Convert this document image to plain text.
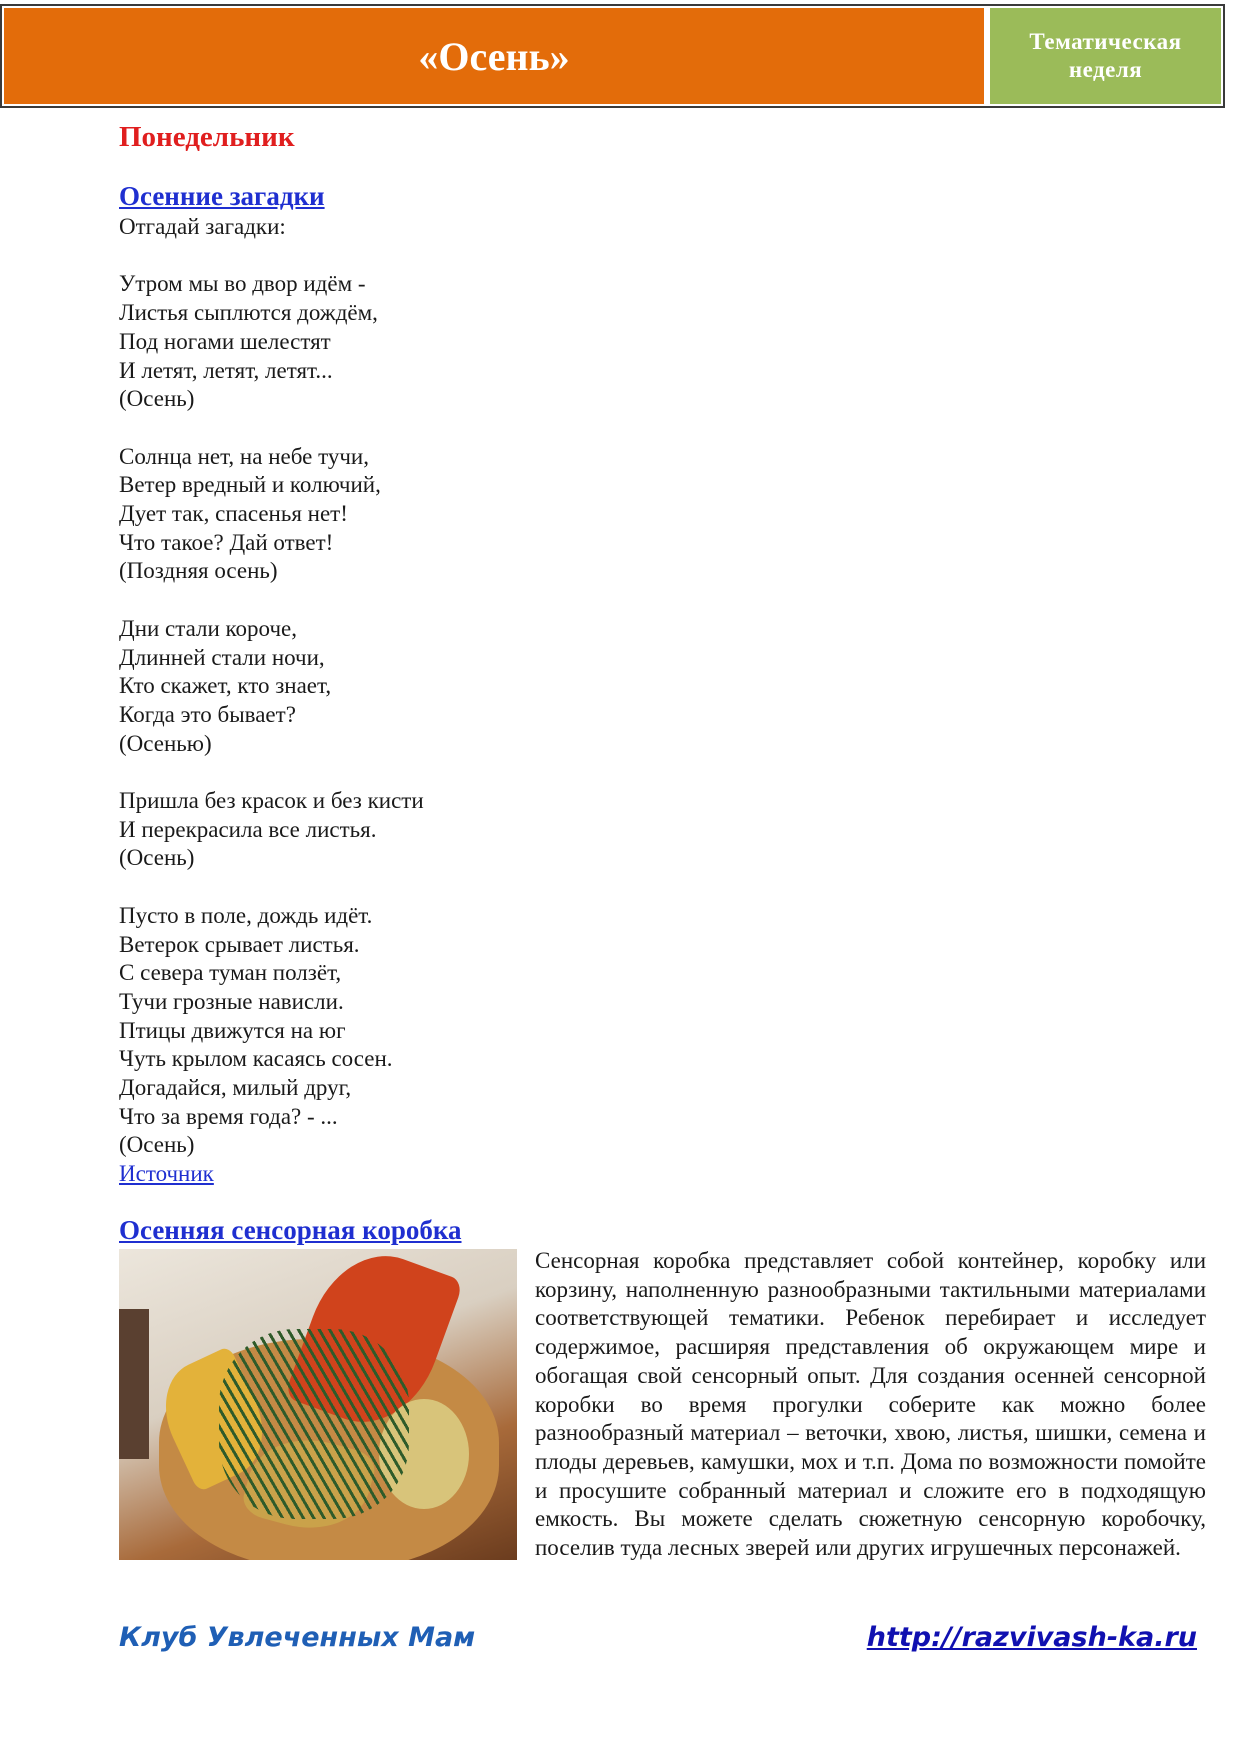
«Осень»	Тематическая
неделя
Понедельник
Осенние загадки
Отгадай загадки:
Утром мы во двор идём -
Листья сыплются дождём,
Под ногами шелестят
И летят, летят, летят...
(Осень)
Солнца нет, на небе тучи,
Ветер вредный и колючий,
Дует так, спасенья нет!
Что такое? Дай ответ!
(Поздняя осень)
Дни стали короче,
Длинней стали ночи,
Кто скажет, кто знает,
Когда это бывает?
(Осенью)
Пришла без красок и без кисти
И перекрасила все листья.
(Осень)
Пусто в поле, дождь идёт.
Ветерок срывает листья.
С севера туман ползёт,
Тучи грозные нависли.
Птицы движутся на юг
Чуть крылом касаясь сосен.
Догадайся, милый друг,
Что за время года? - ...
(Осень)
Источник
Осенняя сенсорная коробка

Сенсорная коробка представляет собой контейнер, коробку или корзину, наполненную разнообразными тактильными материалами соответствующей тематики. Ребенок перебирает и исследует содержимое, расширяя представления об окружающем мире и обогащая свой сенсорный опыт. Для создания осенней сенсорной коробки во время прогулки соберите как можно более разнообразный материал – веточки, хвою, листья, шишки, семена и плоды деревьев, камушки, мох и т.п. Дома по возможности помойте и просушите собранный материал и сложите его в подходящую емкость. Вы можете сделать сюжетную сенсорную коробочку, поселив туда лесных зверей или других игрушечных персонажей.

Клуб Увлеченных Мам	http://razvivash-ka.ru
